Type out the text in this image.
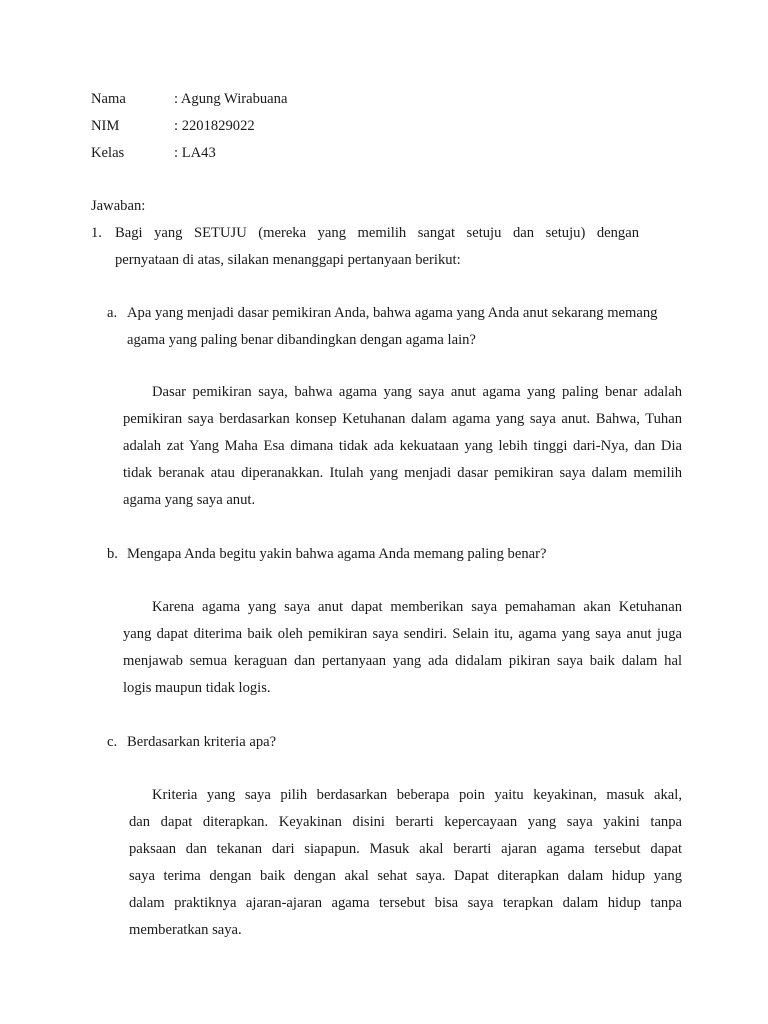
Nama	: Agung Wirabuana
NIM	: 2201829022
Kelas	: LA43
Jawaban:
1. Bagi yang SETUJU (mereka yang memilih sangat setuju dan setuju) dengan
pernyataan di atas, silakan menanggapi pertanyaan berikut:
a. Apa yang menjadi dasar pemikiran Anda, bahwa agama yang Anda anut sekarang memang
agama yang paling benar dibandingkan dengan agama lain?
Dasar pemikiran saya, bahwa agama yang saya anut agama yang paling benar adalah
pemikiran saya berdasarkan konsep Ketuhanan dalam agama yang saya anut. Bahwa, Tuhan
adalah zat Yang Maha Esa dimana tidak ada kekuataan yang lebih tinggi dari-Nya, dan Dia
tidak beranak atau diperanakkan. Itulah yang menjadi dasar pemikiran saya dalam memilih
agama yang saya anut.
b. Mengapa Anda begitu yakin bahwa agama Anda memang paling benar?
Karena agama yang saya anut dapat memberikan saya pemahaman akan Ketuhanan
yang dapat diterima baik oleh pemikiran saya sendiri. Selain itu, agama yang saya anut juga
menjawab semua keraguan dan pertanyaan yang ada didalam pikiran saya baik dalam hal
logis maupun tidak logis.
c. Berdasarkan kriteria apa?
Kriteria yang saya pilih berdasarkan beberapa poin yaitu keyakinan, masuk akal,
dan dapat diterapkan. Keyakinan disini berarti kepercayaan yang saya yakini tanpa
paksaan dan tekanan dari siapapun. Masuk akal berarti ajaran agama tersebut dapat
saya terima dengan baik dengan akal sehat saya. Dapat diterapkan dalam hidup yang
dalam praktiknya ajaran-ajaran agama tersebut bisa saya terapkan dalam hidup tanpa
memberatkan saya.
